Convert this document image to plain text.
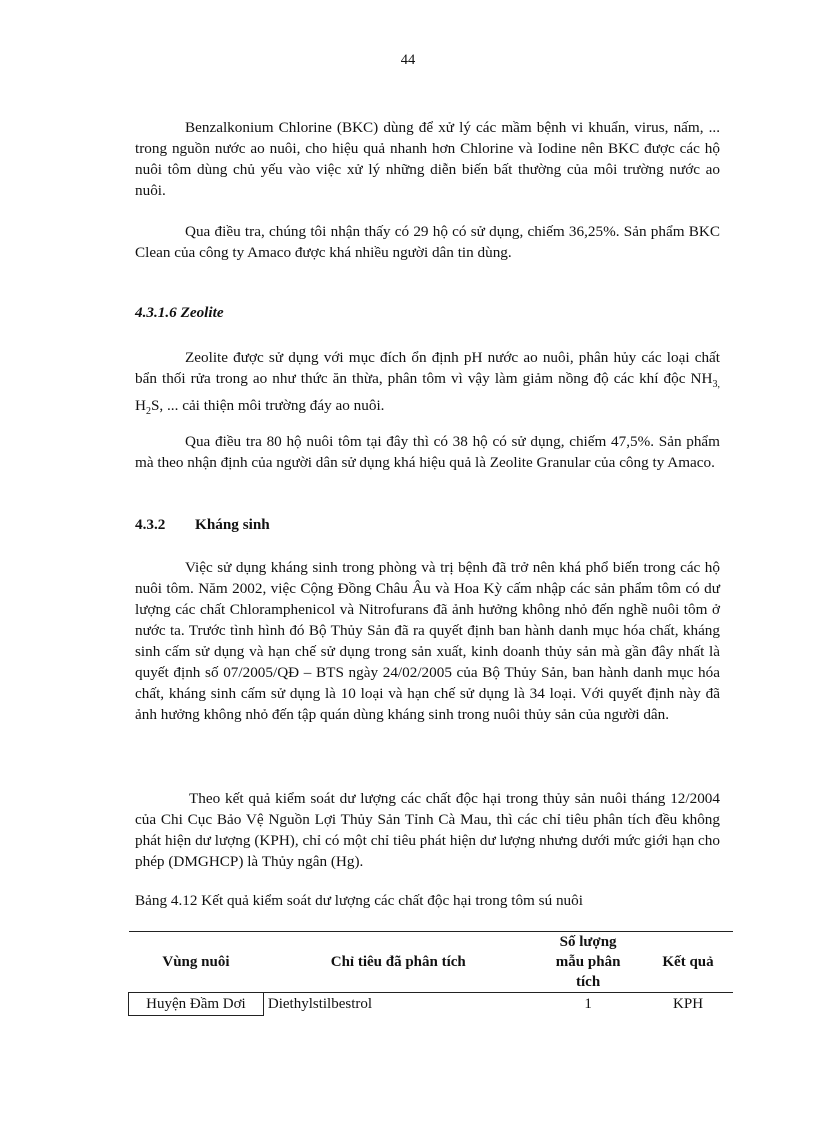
44

Benzalkonium Chlorine (BKC) dùng để xử lý các mầm bệnh vi khuẩn, virus, nấm, ... trong nguồn nước ao nuôi, cho hiệu quả nhanh hơn Chlorine và Iodine nên BKC được các hộ nuôi tôm dùng chủ yếu vào việc xử lý những diễn biến bất thường của môi trường nước ao nuôi.

Qua điều tra, chúng tôi nhận thấy có 29 hộ có sử dụng, chiếm 36,25%. Sản phẩm BKC Clean của công ty Amaco được khá nhiều người dân tin dùng.

4.3.1.6 Zeolite

Zeolite được sử dụng với mục đích ổn định pH nước ao nuôi, phân hủy các loại chất bẩn thối rửa trong ao như thức ăn thừa, phân tôm vì vậy làm giảm nồng độ các khí độc $NH_{3,}$ $H_2S$, ... cải thiện môi trường đáy ao nuôi.

Qua điều tra 80 hộ nuôi tôm tại đây thì có 38 hộ có sử dụng, chiếm 47,5%. Sản phẩm mà theo nhận định của người dân sử dụng khá hiệu quả là Zeolite Granular của công ty Amaco.

4.3.2 Kháng sinh

Việc sử dụng kháng sinh trong phòng và trị bệnh đã trở nên khá phổ biến trong các hộ nuôi tôm. Năm 2002, việc Cộng Đồng Châu Âu và Hoa Kỳ cấm nhập các sản phẩm tôm có dư lượng các chất Chloramphenicol và Nitrofurans đã ảnh hưởng không nhỏ đến nghề nuôi tôm ở nước ta. Trước tình hình đó Bộ Thủy Sản đã ra quyết định ban hành danh mục hóa chất, kháng sinh cấm sử dụng và hạn chế sử dụng trong sản xuất, kinh doanh thủy sản mà gần đây nhất là quyết định số 07/2005/QĐ – BTS ngày 24/02/2005 của Bộ Thủy Sản, ban hành danh mục hóa chất, kháng sinh cấm sử dụng là 10 loại và hạn chế sử dụng là 34 loại. Với quyết định này đã ảnh hưởng không nhỏ đến tập quán dùng kháng sinh trong nuôi thủy sản của người dân.

Theo kết quả kiểm soát dư lượng các chất độc hại trong thủy sản nuôi tháng 12/2004 của Chi Cục Bảo Vệ Nguồn Lợi Thủy Sản Tỉnh Cà Mau, thì các chỉ tiêu phân tích đều không phát hiện dư lượng (KPH), chỉ có một chỉ tiêu phát hiện dư lượng nhưng dưới mức giới hạn cho phép (DMGHCP) là Thủy ngân (Hg).

Bảng 4.12 Kết quả kiểm soát dư lượng các chất độc hại trong tôm sú nuôi
Vùng nuôi	Chỉ tiêu đã phân tích	Số lượng
mẫu phân
tích	Kết quả
Huyện Đầm Dơi	Diethylstilbestrol	1	KPH
